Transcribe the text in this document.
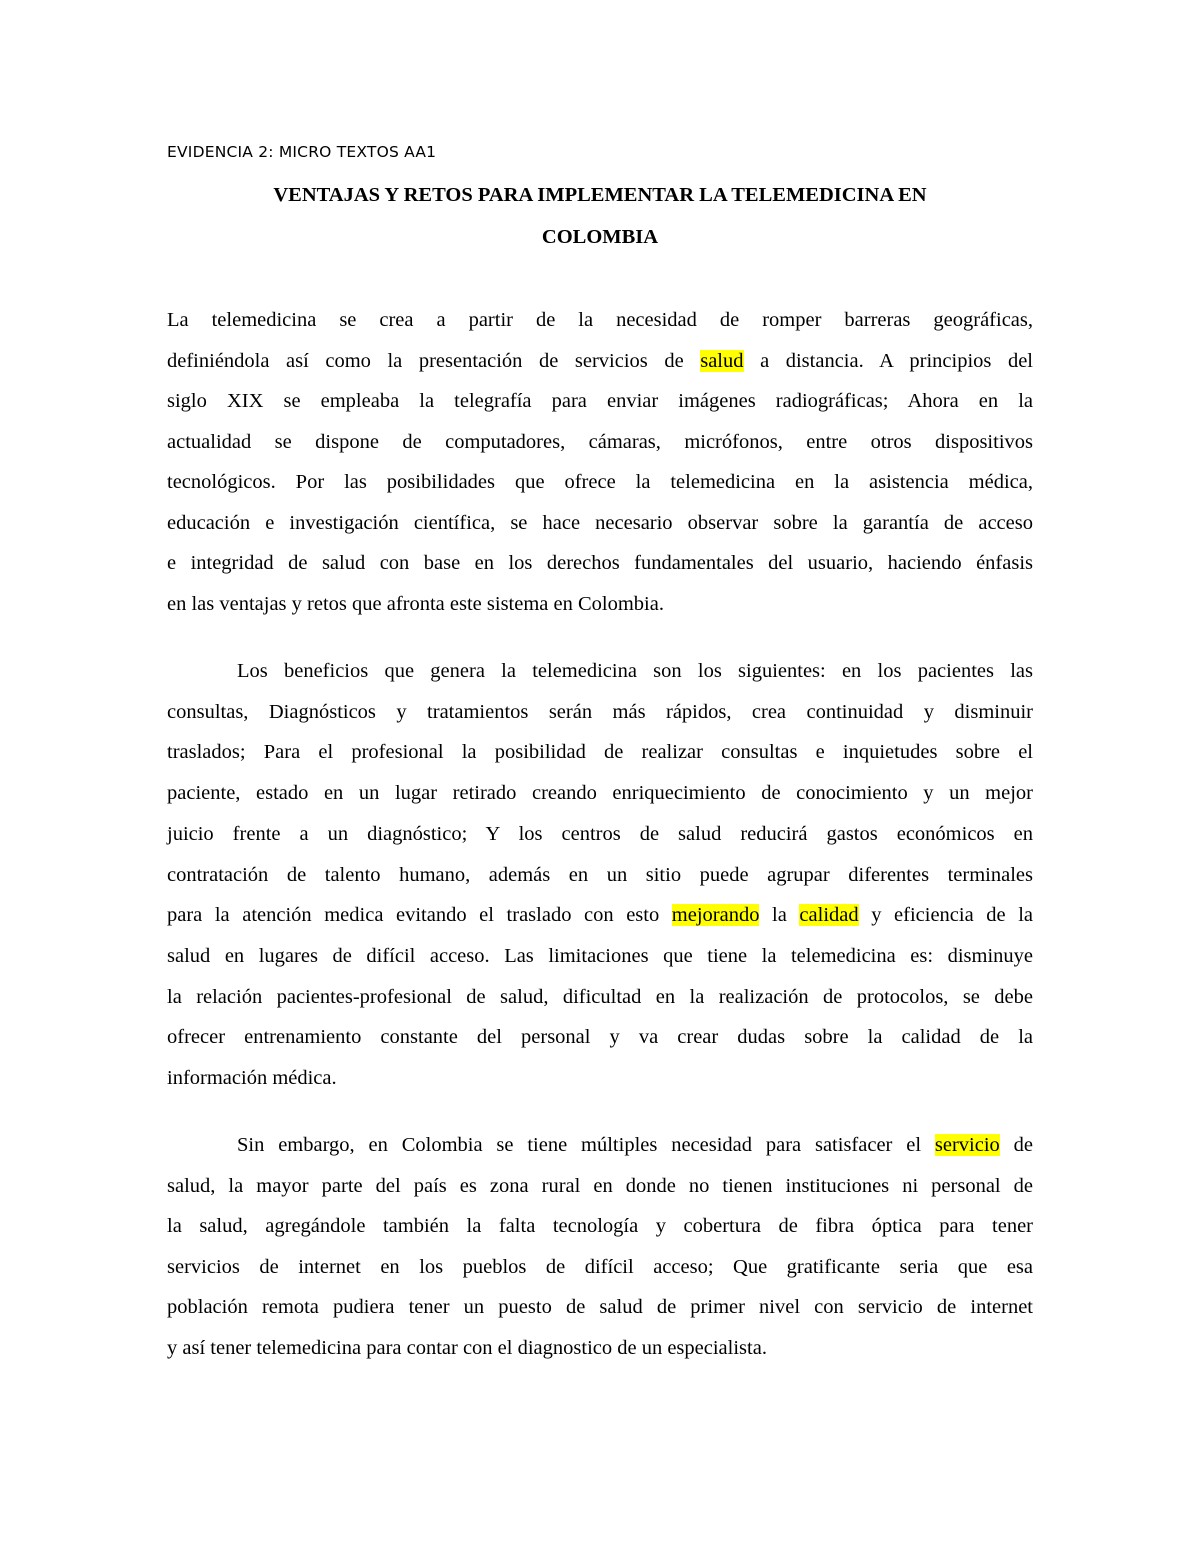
EVIDENCIA 2: MICRO TEXTOS AA1
VENTAJAS Y RETOS PARA IMPLEMENTAR LA TELEMEDICINA EN
COLOMBIA
La telemedicina se crea a partir de la necesidad de romper barreras geográficas,
definiéndola así como la presentación de servicios de salud a distancia. A principios del
siglo XIX se empleaba la telegrafía para enviar imágenes radiográficas; Ahora en la
actualidad se dispone de computadores, cámaras, micrófonos, entre otros dispositivos
tecnológicos. Por las posibilidades que ofrece la telemedicina en la asistencia médica,
educación e investigación científica, se hace necesario observar sobre la garantía de acceso
e integridad de salud con base en los derechos fundamentales del usuario, haciendo énfasis
en las ventajas y retos que afronta este sistema en Colombia.
Los beneficios que genera la telemedicina son los siguientes: en los pacientes las
consultas, Diagnósticos y tratamientos serán más rápidos, crea continuidad y disminuir
traslados; Para el profesional la posibilidad de realizar consultas e inquietudes sobre el
paciente, estado en un lugar retirado creando enriquecimiento de conocimiento y un mejor
juicio frente a un diagnóstico; Y los centros de salud reducirá gastos económicos en
contratación de talento humano, además en un sitio puede agrupar diferentes terminales
para la atención medica evitando el traslado con esto mejorando la calidad y eficiencia de la
salud en lugares de difícil acceso. Las limitaciones que tiene la telemedicina es: disminuye
la relación pacientes-profesional de salud, dificultad en la realización de protocolos, se debe
ofrecer entrenamiento constante del personal y va crear dudas sobre la calidad de la
información médica.
Sin embargo, en Colombia se tiene múltiples necesidad para satisfacer el servicio de
salud, la mayor parte del país es zona rural en donde no tienen instituciones ni personal de
la salud, agregándole también la falta tecnología y cobertura de fibra óptica para tener
servicios de internet en los pueblos de difícil acceso; Que gratificante seria que esa
población remota pudiera tener un puesto de salud de primer nivel con servicio de internet
y así tener telemedicina para contar con el diagnostico de un especialista.
